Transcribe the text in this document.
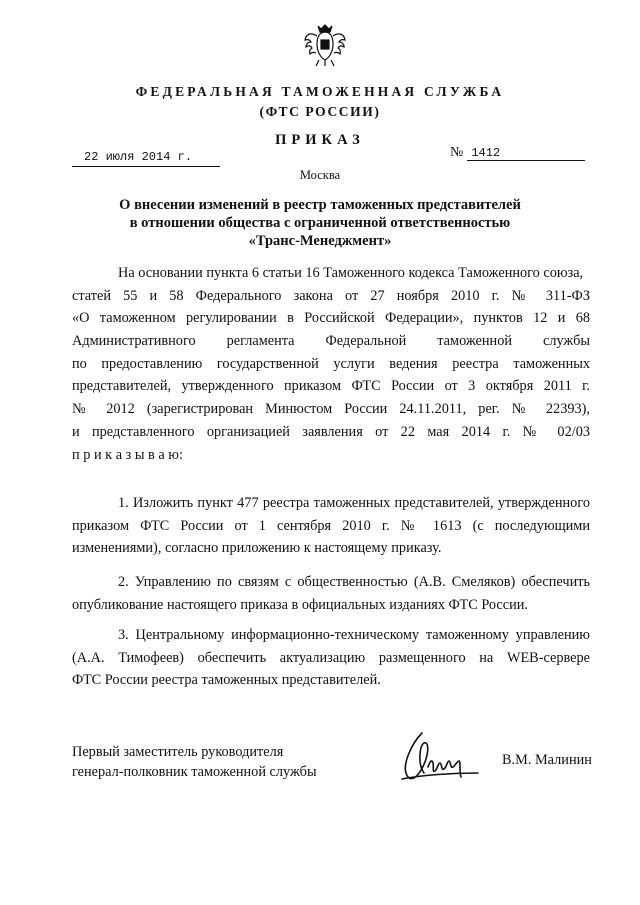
ФЕДЕРАЛЬНАЯ ТАМОЖЕННАЯ СЛУЖБА
(ФТС РОССИИ)
ПРИКАЗ
22 июля 2014 г.	№ 1412
Москва
О внесении изменений в реестр таможенных представителей
в отношении общества с ограниченной ответственностью
«Транс-Менеджмент»
На основании пункта 6 статьи 16 Таможенного кодекса Таможенного союза,
статей 55 и 58 Федерального закона от 27 ноября 2010 г. № 311-ФЗ
«О таможенном регулировании в Российской Федерации», пунктов 12 и 68
Административного регламента Федеральной таможенной службы
по предоставлению государственной услуги ведения реестра таможенных
представителей, утвержденного приказом ФТС России от 3 октября 2011 г.
№ 2012 (зарегистрирован Минюстом России 24.11.2011, рег. № 22393),
и представленного организацией заявления от 22 мая 2014 г. № 02/03
п р и к а з ы в а ю:
1. Изложить пункт 477 реестра таможенных представителей, утвержденного
приказом ФТС России от 1 сентября 2010 г. № 1613 (с последующими
изменениями), согласно приложению к настоящему приказу.
2. Управлению по связям с общественностью (А.В. Смеляков) обеспечить
опубликование настоящего приказа в официальных изданиях ФТС России.
3. Центральному информационно-техническому таможенному управлению
(А.А. Тимофеев) обеспечить актуализацию размещенного на WEB-сервере
ФТС России реестра таможенных представителей.
Первый заместитель руководителя
генерал-полковник таможенной службы
В.М. Малинин
